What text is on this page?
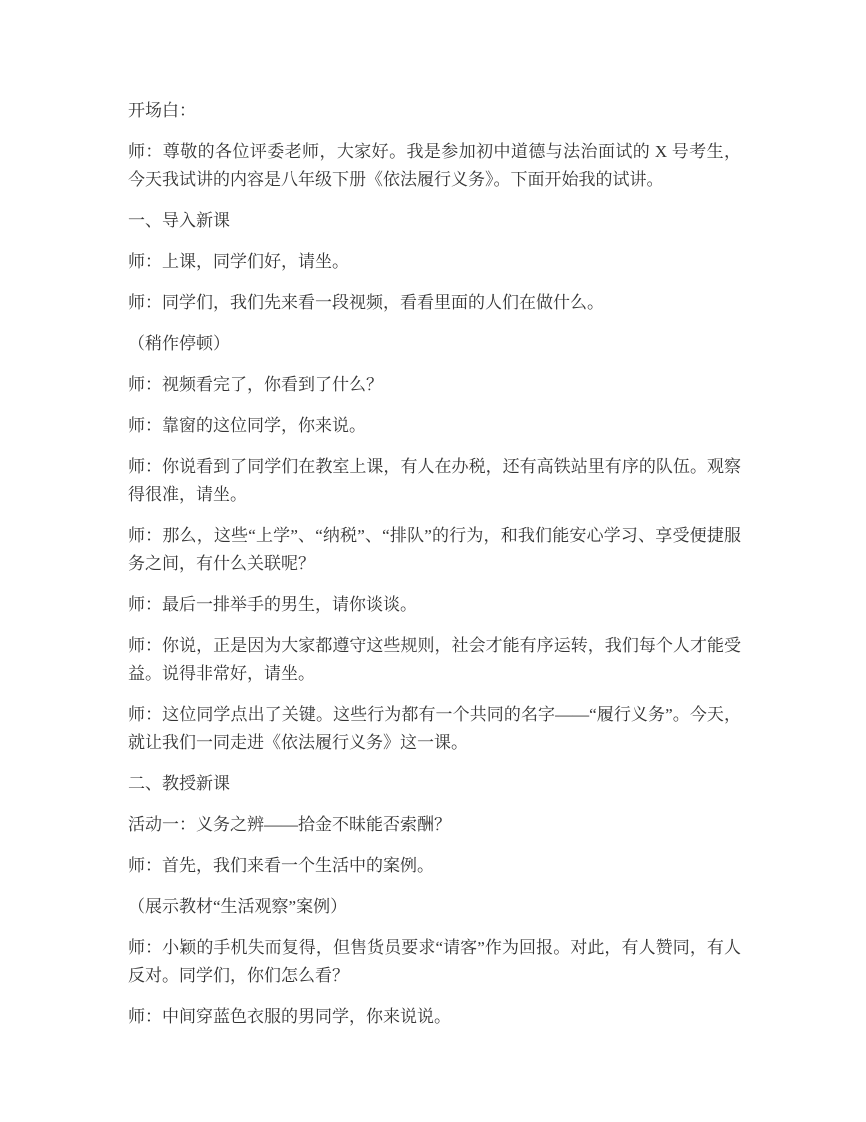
开场白：

师：尊敬的各位评委老师，大家好。我是参加初中道德与法治面试的 X 号考生，今天我试讲的内容是八年级下册《依法履行义务》。下面开始我的试讲。

一、导入新课

师：上课，同学们好，请坐。

师：同学们，我们先来看一段视频，看看里面的人们在做什么。

（稍作停顿）

师：视频看完了，你看到了什么？

师：靠窗的这位同学，你来说。

师：你说看到了同学们在教室上课，有人在办税，还有高铁站里有序的队伍。观察得很准，请坐。

师：那么，这些“上学”、“纳税”、“排队”的行为，和我们能安心学习、享受便捷服务之间，有什么关联呢？

师：最后一排举手的男生，请你谈谈。

师：你说，正是因为大家都遵守这些规则，社会才能有序运转，我们每个人才能受益。说得非常好，请坐。

师：这位同学点出了关键。这些行为都有一个共同的名字——“履行义务”。今天，就让我们一同走进《依法履行义务》这一课。

二、教授新课

活动一：义务之辨——拾金不昧能否索酬？

师：首先，我们来看一个生活中的案例。

（展示教材“生活观察”案例）

师：小颖的手机失而复得，但售货员要求“请客”作为回报。对此，有人赞同，有人反对。同学们，你们怎么看？

师：中间穿蓝色衣服的男同学，你来说说。
